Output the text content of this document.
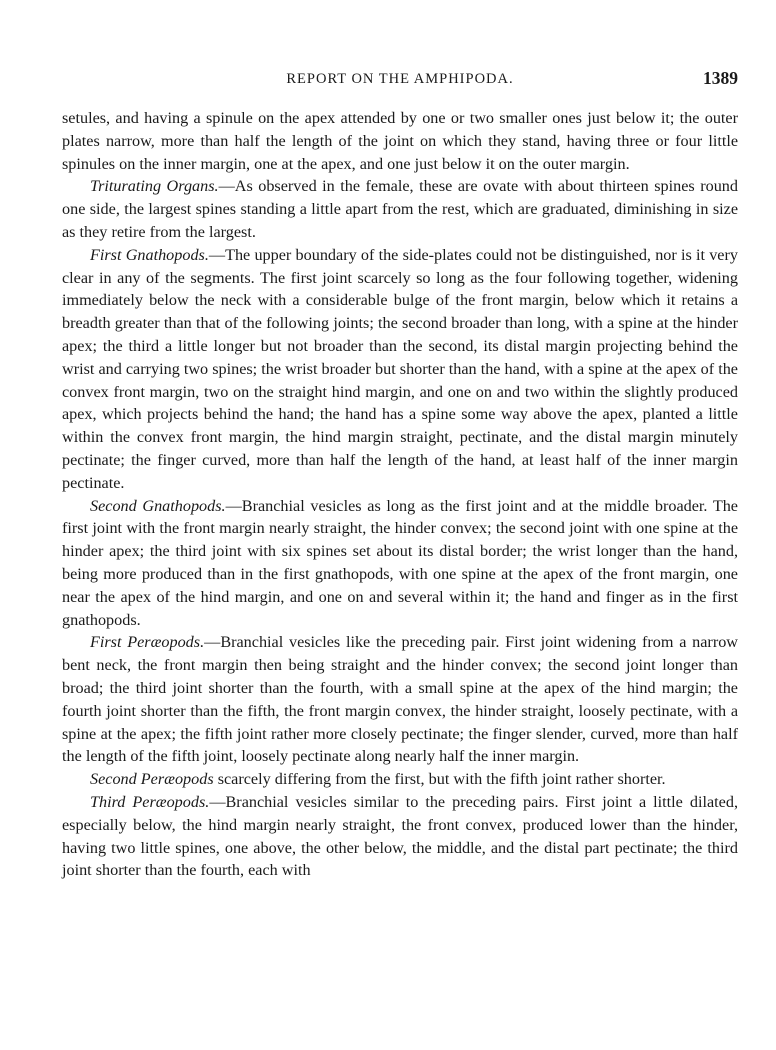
REPORT ON THE AMPHIPODA.	1389

setules, and having a spinule on the apex attended by one or two smaller ones just below it; the outer plates narrow, more than half the length of the joint on which they stand, having three or four little spinules on the inner margin, one at the apex, and one just below it on the outer margin.

Triturating Organs.—As observed in the female, these are ovate with about thirteen spines round one side, the largest spines standing a little apart from the rest, which are graduated, diminishing in size as they retire from the largest.

First Gnathopods.—The upper boundary of the side-plates could not be distinguished, nor is it very clear in any of the segments. The first joint scarcely so long as the four following together, widening immediately below the neck with a considerable bulge of the front margin, below which it retains a breadth greater than that of the following joints; the second broader than long, with a spine at the hinder apex; the third a little longer but not broader than the second, its distal margin projecting behind the wrist and carrying two spines; the wrist broader but shorter than the hand, with a spine at the apex of the convex front margin, two on the straight hind margin, and one on and two within the slightly produced apex, which projects behind the hand; the hand has a spine some way above the apex, planted a little within the convex front margin, the hind margin straight, pectinate, and the distal margin minutely pectinate; the finger curved, more than half the length of the hand, at least half of the inner margin pectinate.

Second Gnathopods.—Branchial vesicles as long as the first joint and at the middle broader. The first joint with the front margin nearly straight, the hinder convex; the second joint with one spine at the hinder apex; the third joint with six spines set about its distal border; the wrist longer than the hand, being more produced than in the first gnathopods, with one spine at the apex of the front margin, one near the apex of the hind margin, and one on and several within it; the hand and finger as in the first gnathopods.

First Peræopods.—Branchial vesicles like the preceding pair. First joint widening from a narrow bent neck, the front margin then being straight and the hinder convex; the second joint longer than broad; the third joint shorter than the fourth, with a small spine at the apex of the hind margin; the fourth joint shorter than the fifth, the front margin convex, the hinder straight, loosely pectinate, with a spine at the apex; the fifth joint rather more closely pectinate; the finger slender, curved, more than half the length of the fifth joint, loosely pectinate along nearly half the inner margin.

Second Peræopods scarcely differing from the first, but with the fifth joint rather shorter.

Third Peræopods.—Branchial vesicles similar to the preceding pairs. First joint a little dilated, especially below, the hind margin nearly straight, the front convex, produced lower than the hinder, having two little spines, one above, the other below, the middle, and the distal part pectinate; the third joint shorter than the fourth, each with
